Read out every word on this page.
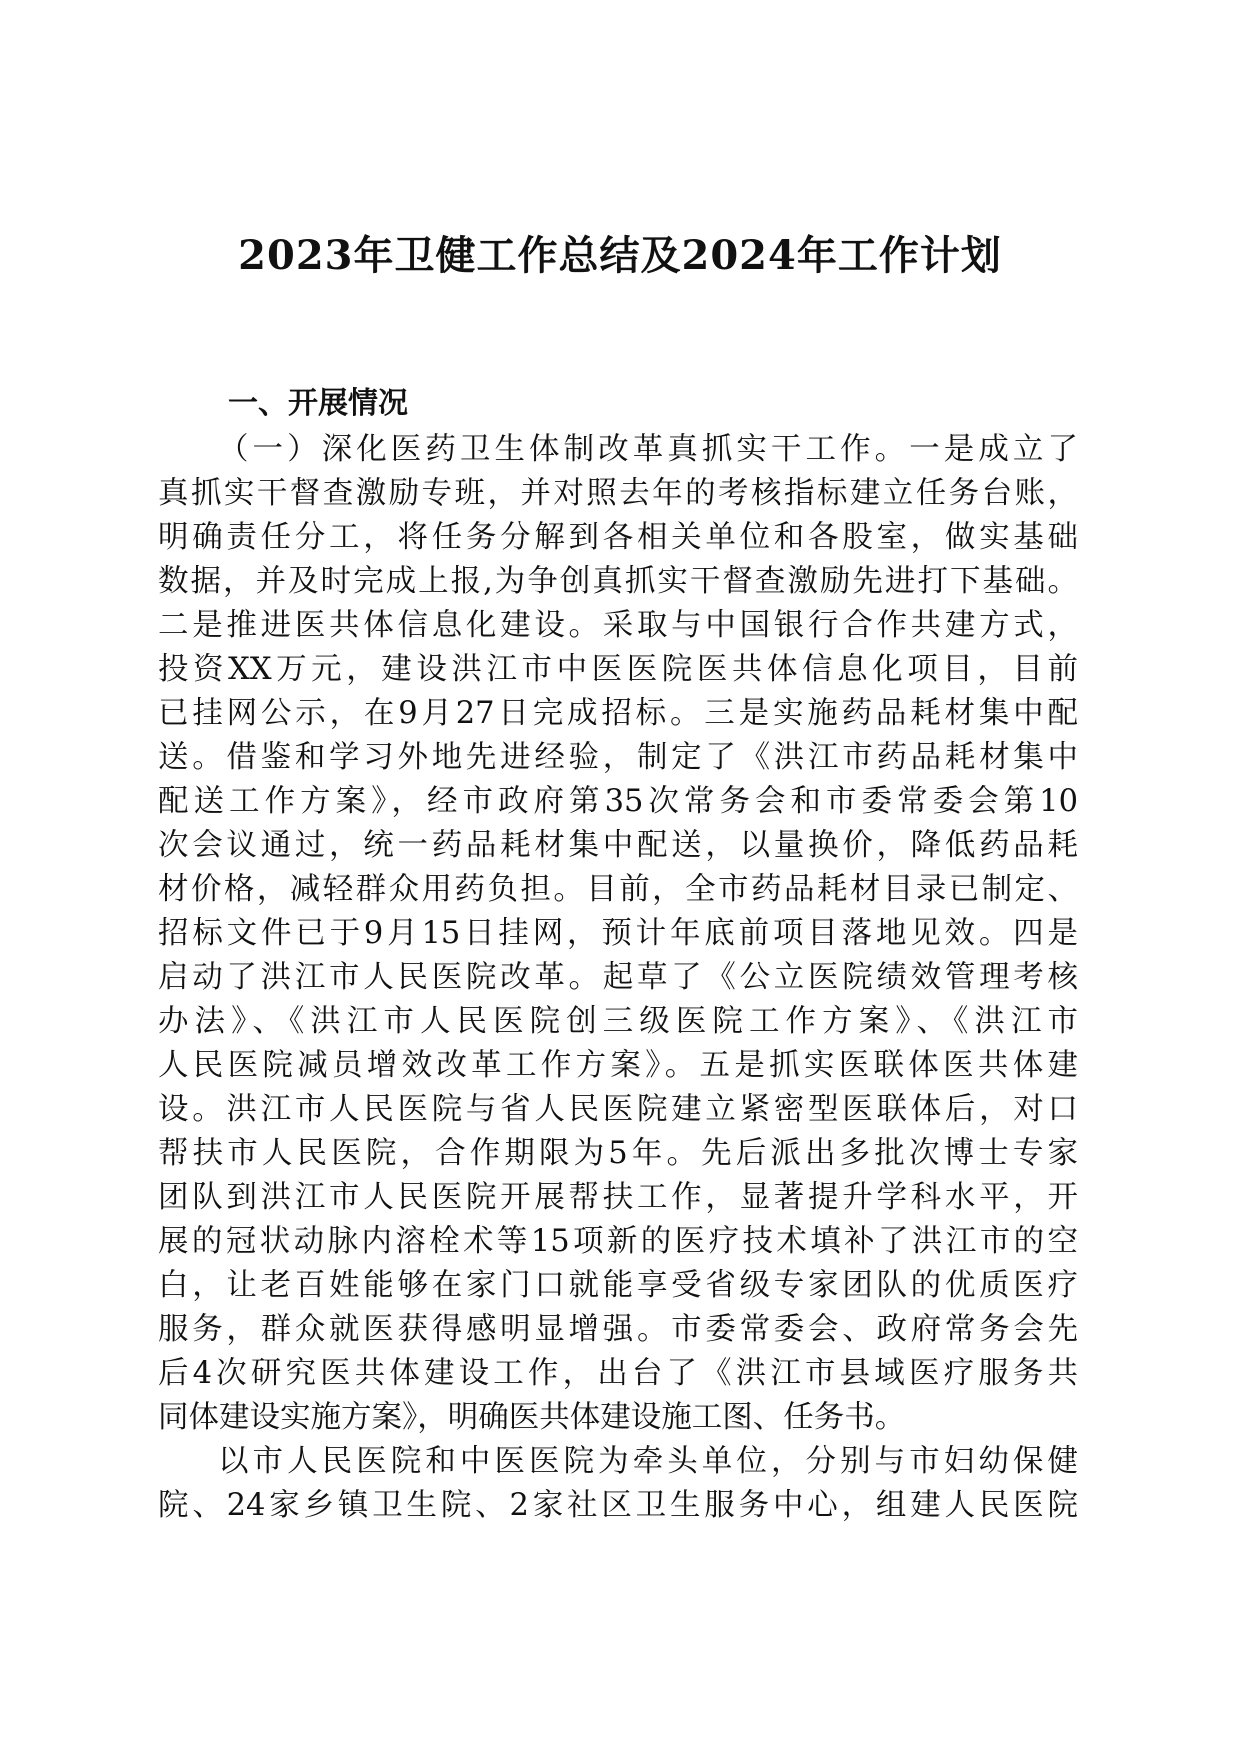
2023年卫健工作总结及2024年工作计划
一、开展情况
（一）深化医药卫生体制改革真抓实干工作。一是成立了
真抓实干督查激励专班，并对照去年的考核指标建立任务台账，
明确责任分工，将任务分解到各相关单位和各股室，做实基础
数据，并及时完成上报,为争创真抓实干督查激励先进打下基础。
二是推进医共体信息化建设。采取与中国银行合作共建方式，
投资XX万元，建设洪江市中医医院医共体信息化项目，目前
已挂网公示，在9月27日完成招标。三是实施药品耗材集中配
送。借鉴和学习外地先进经验，制定了《洪江市药品耗材集中
配送工作方案》，经市政府第35次常务会和市委常委会第10
次会议通过，统一药品耗材集中配送，以量换价，降低药品耗
材价格，减轻群众用药负担。目前，全市药品耗材目录已制定、
招标文件已于9月15日挂网，预计年底前项目落地见效。四是
启动了洪江市人民医院改革。起草了《公立医院绩效管理考核
办法》、《洪江市人民医院创三级医院工作方案》、《洪江市
人民医院减员增效改革工作方案》。五是抓实医联体医共体建
设。洪江市人民医院与省人民医院建立紧密型医联体后，对口
帮扶市人民医院，合作期限为5年。先后派出多批次博士专家
团队到洪江市人民医院开展帮扶工作，显著提升学科水平，开
展的冠状动脉内溶栓术等15项新的医疗技术填补了洪江市的空
白，让老百姓能够在家门口就能享受省级专家团队的优质医疗
服务，群众就医获得感明显增强。市委常委会、政府常务会先
后4次研究医共体建设工作，出台了《洪江市县域医疗服务共
同体建设实施方案》，明确医共体建设施工图、任务书。
以市人民医院和中医医院为牵头单位，分别与市妇幼保健
院、24家乡镇卫生院、2家社区卫生服务中心，组建人民医院
